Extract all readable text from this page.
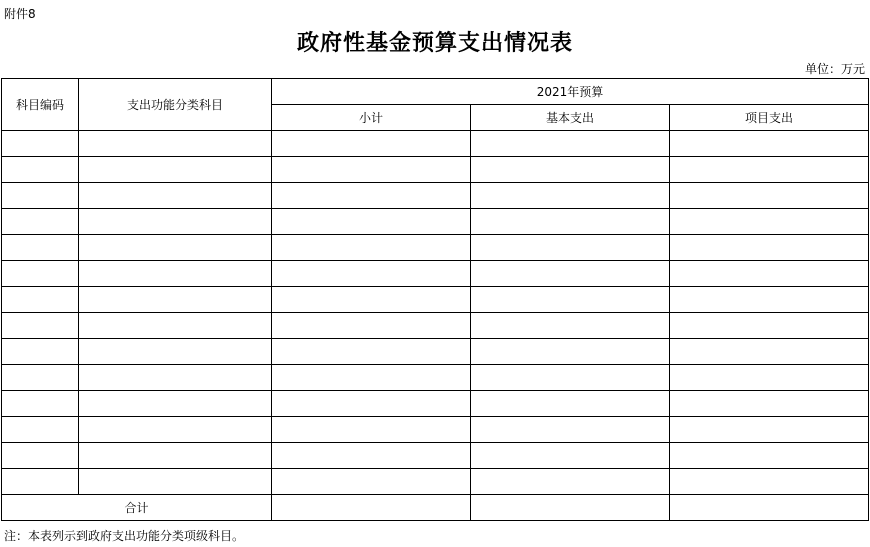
附件8
政府性基金预算支出情况表
单位：万元
科目编码	支出功能分类科目	2021年预算		
		小计	基本支出	项目支出

合计				
注：本表列示到政府支出功能分类项级科目。
